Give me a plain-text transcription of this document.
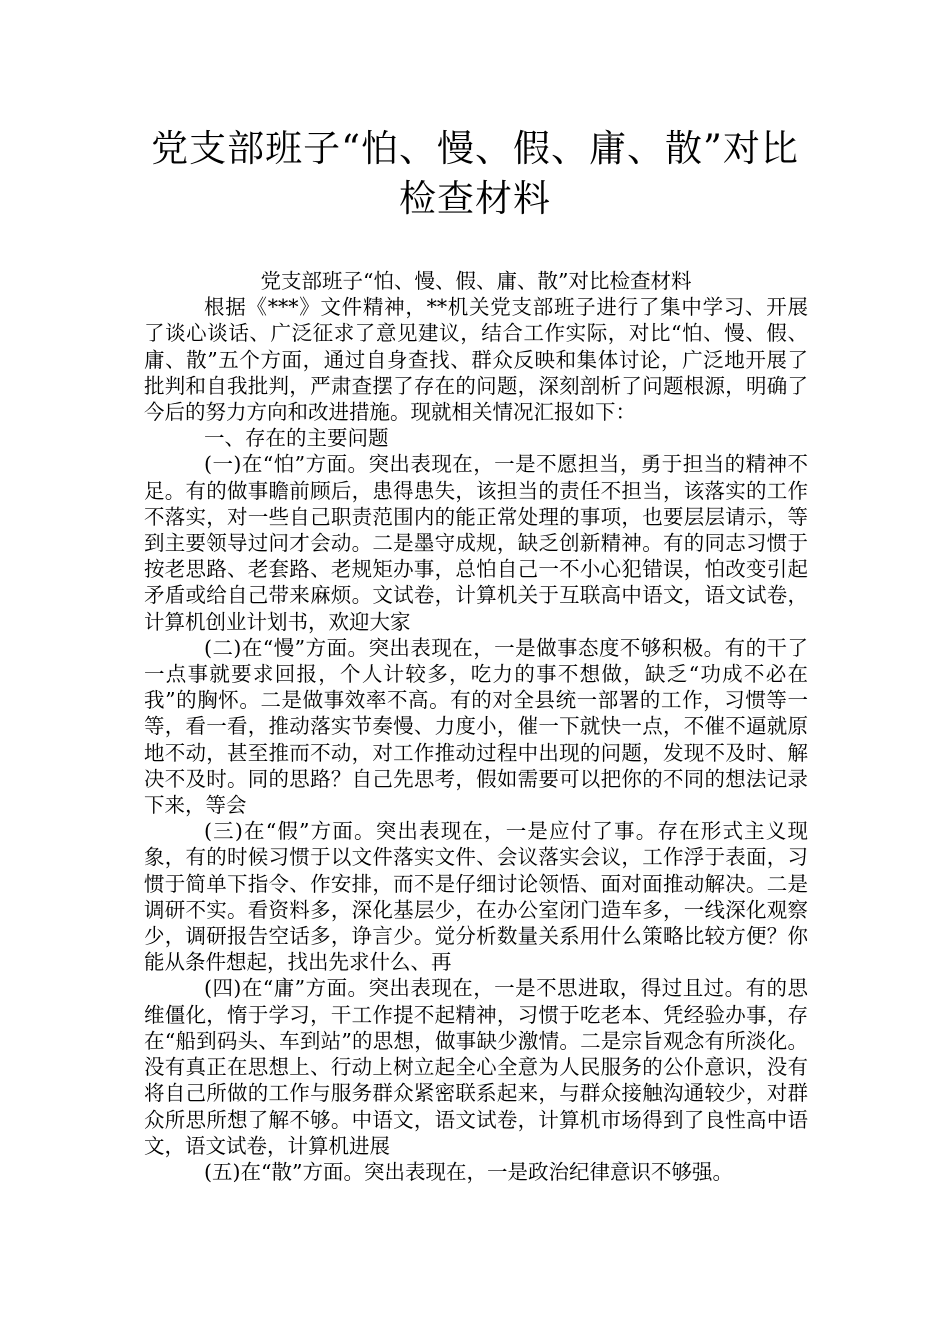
党支部班子“怕、慢、假、庸、散”对比
检查材料

党支部班子“怕、慢、假、庸、散”对比检查材料

根据《***》文件精神，**机关党支部班子进行了集中学习、开展了谈心谈话、广泛征求了意见建议，结合工作实际，对比“怕、慢、假、庸、散”五个方面，通过自身查找、群众反映和集体讨论，广泛地开展了批判和自我批判，严肃查摆了存在的问题，深刻剖析了问题根源，明确了今后的努力方向和改进措施。现就相关情况汇报如下：

一、存在的主要问题

(一)在“怕”方面。突出表现在，一是不愿担当，勇于担当的精神不足。有的做事瞻前顾后，患得患失，该担当的责任不担当，该落实的工作不落实，对一些自己职责范围内的能正常处理的事项，也要层层请示，等到主要领导过问才会动。二是墨守成规，缺乏创新精神。有的同志习惯于按老思路、老套路、老规矩办事，总怕自己一不小心犯错误，怕改变引起矛盾或给自己带来麻烦。文试卷，计算机关于互联高中语文，语文试卷，计算机创业计划书，欢迎大家

(二)在“慢”方面。突出表现在，一是做事态度不够积极。有的干了一点事就要求回报，个人计较多，吃力的事不想做，缺乏“功成不必在我”的胸怀。二是做事效率不高。有的对全县统一部署的工作，习惯等一等，看一看，推动落实节奏慢、力度小，催一下就快一点，不催不逼就原地不动，甚至推而不动，对工作推动过程中出现的问题，发现不及时、解决不及时。同的思路？自己先思考，假如需要可以把你的不同的想法记录下来，等会

(三)在“假”方面。突出表现在，一是应付了事。存在形式主义现象，有的时候习惯于以文件落实文件、会议落实会议，工作浮于表面，习惯于简单下指令、作安排，而不是仔细讨论领悟、面对面推动解决。二是调研不实。看资料多，深化基层少，在办公室闭门造车多，一线深化观察少，调研报告空话多，诤言少。觉分析数量关系用什么策略比较方便？你能从条件想起，找出先求什么、再

(四)在“庸”方面。突出表现在，一是不思进取，得过且过。有的思维僵化，惰于学习，干工作提不起精神，习惯于吃老本、凭经验办事，存在“船到码头、车到站”的思想，做事缺少激情。二是宗旨观念有所淡化。没有真正在思想上、行动上树立起全心全意为人民服务的公仆意识，没有将自己所做的工作与服务群众紧密联系起来，与群众接触沟通较少，对群众所思所想了解不够。中语文，语文试卷，计算机市场得到了良性高中语文，语文试卷，计算机进展

(五)在“散”方面。突出表现在，一是政治纪律意识不够强。
